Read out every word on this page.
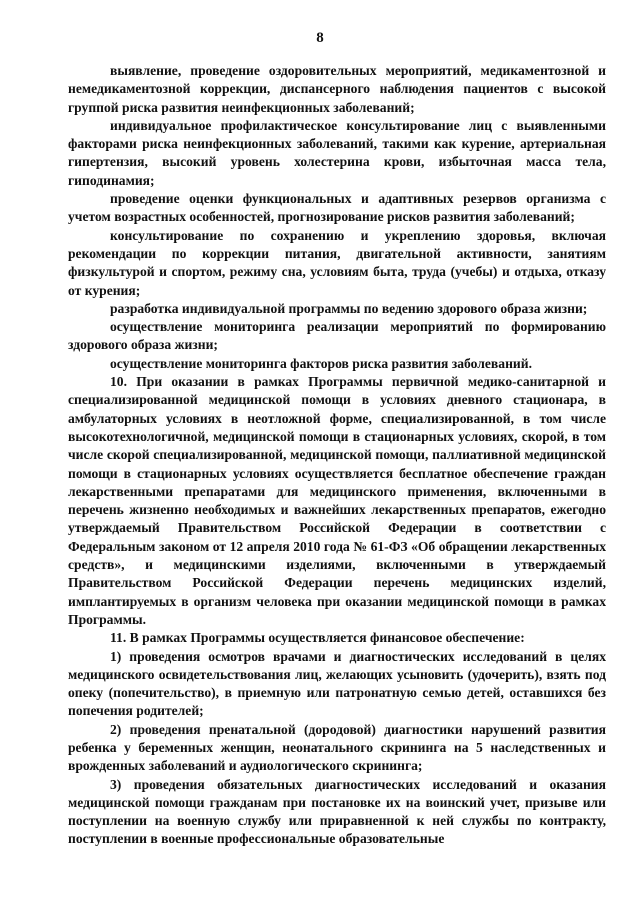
8

выявление, проведение оздоровительных мероприятий, медикаментозной и немедикаментозной коррекции, диспансерного наблюдения пациентов с высокой группой риска развития неинфекционных заболеваний;

индивидуальное профилактическое консультирование лиц с выявленными факторами риска неинфекционных заболеваний, такими как курение, артериальная гипертензия, высокий уровень холестерина крови, избыточная масса тела, гиподинамия;

проведение оценки функциональных и адаптивных резервов организма с учетом возрастных особенностей, прогнозирование рисков развития заболеваний;

консультирование по сохранению и укреплению здоровья, включая рекомендации по коррекции питания, двигательной активности, занятиям физкультурой и спортом, режиму сна, условиям быта, труда (учебы) и отдыха, отказу от курения;

разработка индивидуальной программы по ведению здорового образа жизни;

осуществление мониторинга реализации мероприятий по формированию здорового образа жизни;

осуществление мониторинга факторов риска развития заболеваний.

10. При оказании в рамках Программы первичной медико-санитарной и специализированной медицинской помощи в условиях дневного стационара, в амбулаторных условиях в неотложной форме, специализированной, в том числе высокотехнологичной, медицинской помощи в стационарных условиях, скорой, в том числе скорой специализированной, медицинской помощи, паллиативной медицинской помощи в стационарных условиях осуществляется бесплатное обеспечение граждан лекарственными препаратами для медицинского применения, включенными в перечень жизненно необходимых и важнейших лекарственных препаратов, ежегодно утверждаемый Правительством Российской Федерации в соответствии с Федеральным законом от 12 апреля 2010 года № 61-ФЗ «Об обращении лекарственных средств», и медицинскими изделиями, включенными в утверждаемый Правительством Российской Федерации перечень медицинских изделий, имплантируемых в организм человека при оказании медицинской помощи в рамках Программы.

11. В рамках Программы осуществляется финансовое обеспечение:

1) проведения осмотров врачами и диагностических исследований в целях медицинского освидетельствования лиц, желающих усыновить (удочерить), взять под опеку (попечительство), в приемную или патронатную семью детей, оставшихся без попечения родителей;

2) проведения пренатальной (дородовой) диагностики нарушений развития ребенка у беременных женщин, неонатального скрининга на 5 наследственных и врожденных заболеваний и аудиологического скрининга;

3) проведения обязательных диагностических исследований и оказания медицинской помощи гражданам при постановке их на воинский учет, призыве или поступлении на военную службу или приравненной к ней службы по контракту, поступлении в военные профессиональные образовательные
